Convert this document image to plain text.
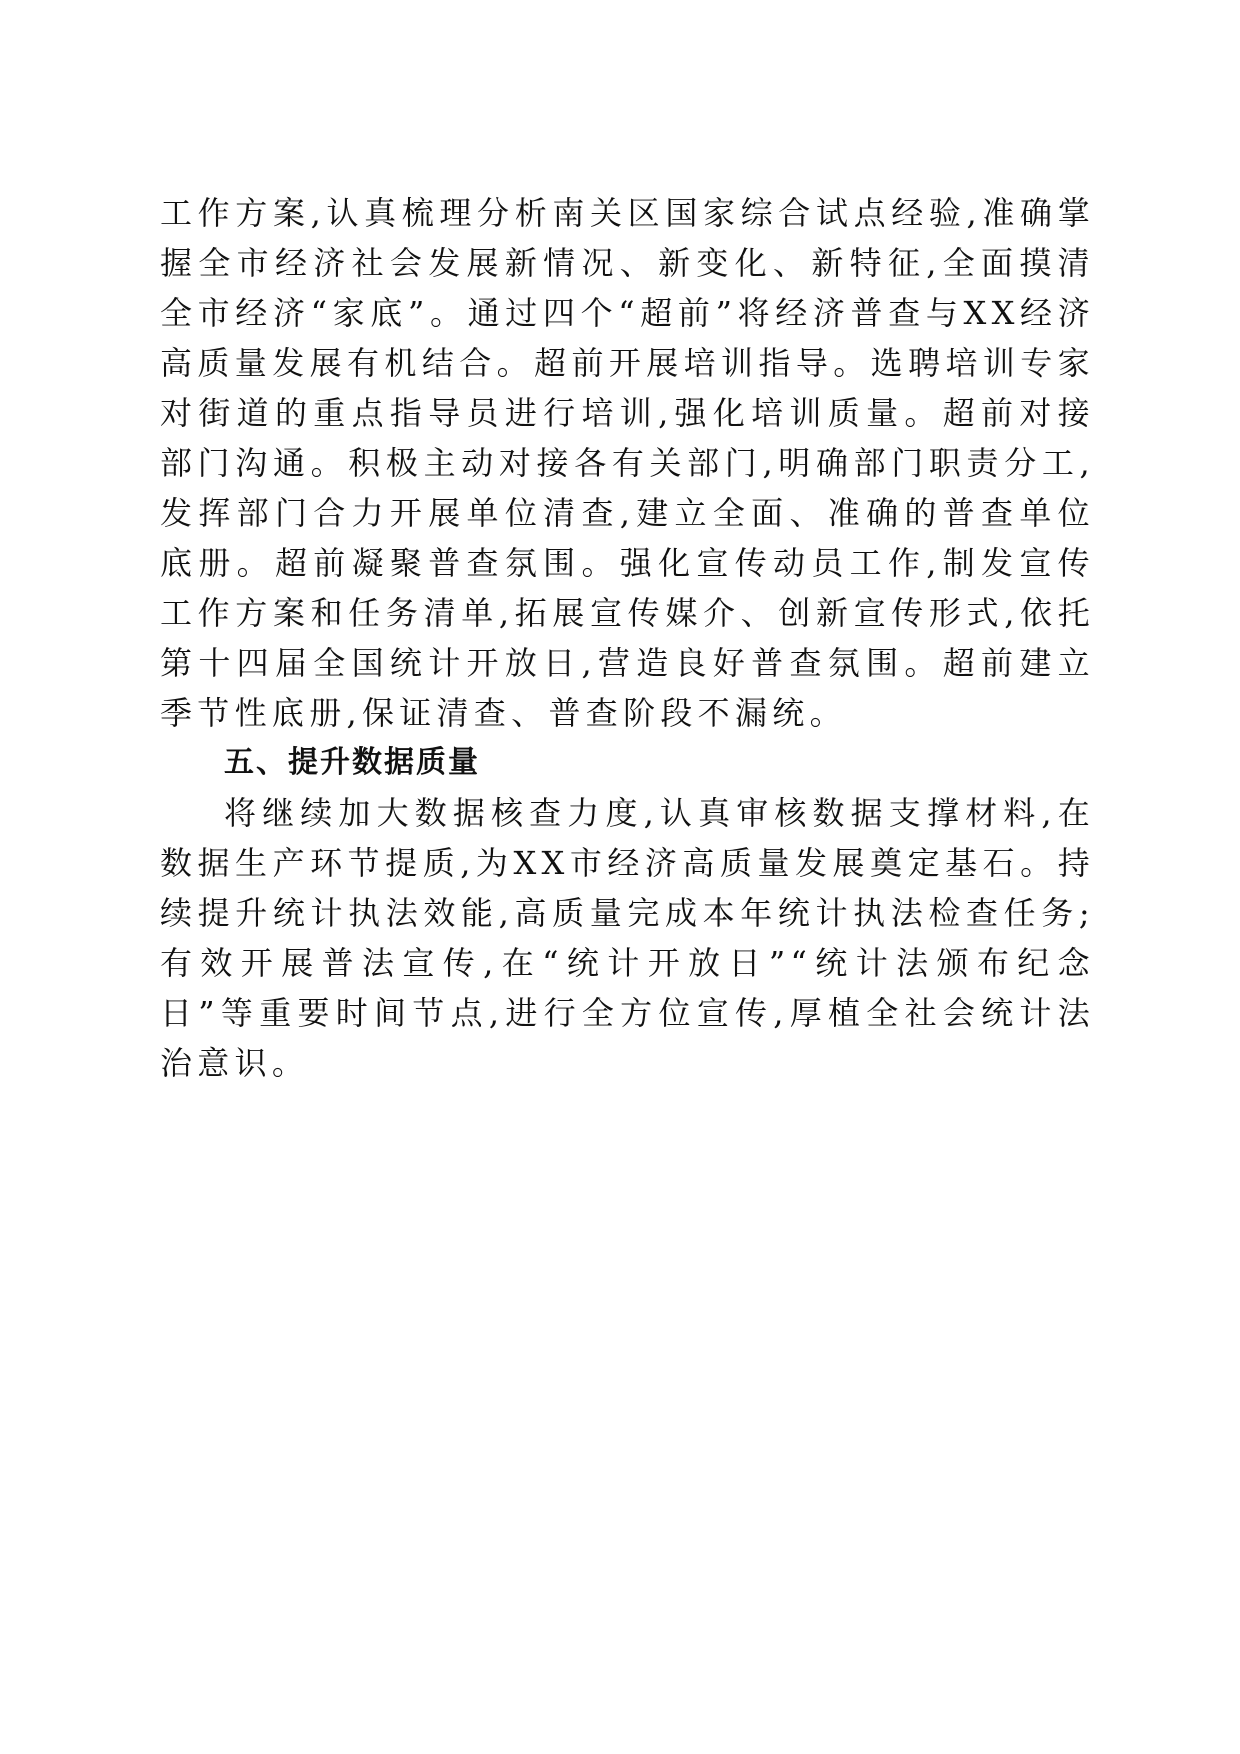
工作方案,认真梳理分析南关区国家综合试点经验,准确掌握全市经济社会发展新情况、新变化、新特征,全面摸清全市经济“家底”。通过四个“超前”将经济普查与XX经济高质量发展有机结合。超前开展培训指导。选聘培训专家对街道的重点指导员进行培训,强化培训质量。超前对接部门沟通。积极主动对接各有关部门,明确部门职责分工,发挥部门合力开展单位清查,建立全面、准确的普查单位底册。超前凝聚普查氛围。强化宣传动员工作,制发宣传工作方案和任务清单,拓展宣传媒介、创新宣传形式,依托第十四届全国统计开放日,营造良好普查氛围。超前建立季节性底册,保证清查、普查阶段不漏统。

五、提升数据质量

将继续加大数据核查力度,认真审核数据支撑材料,在数据生产环节提质,为XX市经济高质量发展奠定基石。持续提升统计执法效能,高质量完成本年统计执法检查任务;有效开展普法宣传,在“统计开放日”“统计法颁布纪念日”等重要时间节点,进行全方位宣传,厚植全社会统计法治意识。
